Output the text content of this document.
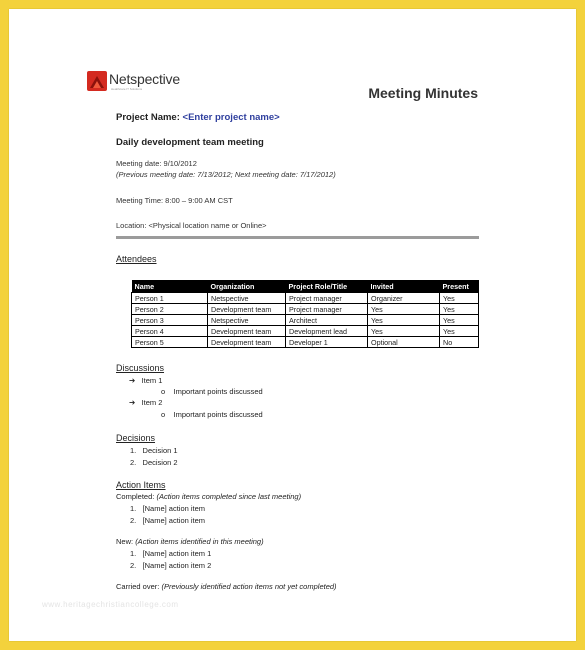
Netspective
Healthcare IT Solutions	Meeting Minutes
Project Name: <Enter project name>
Daily development team meeting
Meeting date: 9/10/2012
(Previous meeting date: 7/13/2012; Next meeting date: 7/17/2012)
Meeting Time: 8:00 – 9:00 AM CST
Location: <Physical location name or Online>
Attendees
Name	Organization	Project Role/Title	Invited	Present
Person 1	Netspective	Project manager	Organizer	Yes
Person 2	Development team	Project manager	Yes	Yes
Person 3	Netspective	Architect	Yes	Yes
Person 4	Development team	Development lead	Yes	Yes
Person 5	Development team	Developer 1	Optional	No
Discussions
➔ Item 1
o Important points discussed
➔ Item 2
o Important points discussed
Decisions
1. Decision 1
2. Decision 2
Action Items
Completed: (Action items completed since last meeting)
1. [Name] action item
2. [Name] action item
New: (Action items identified in this meeting)
1. [Name] action item 1
2. [Name] action item 2
Carried over: (Previously identified action items not yet completed)
www.heritagechristiancollege.com
